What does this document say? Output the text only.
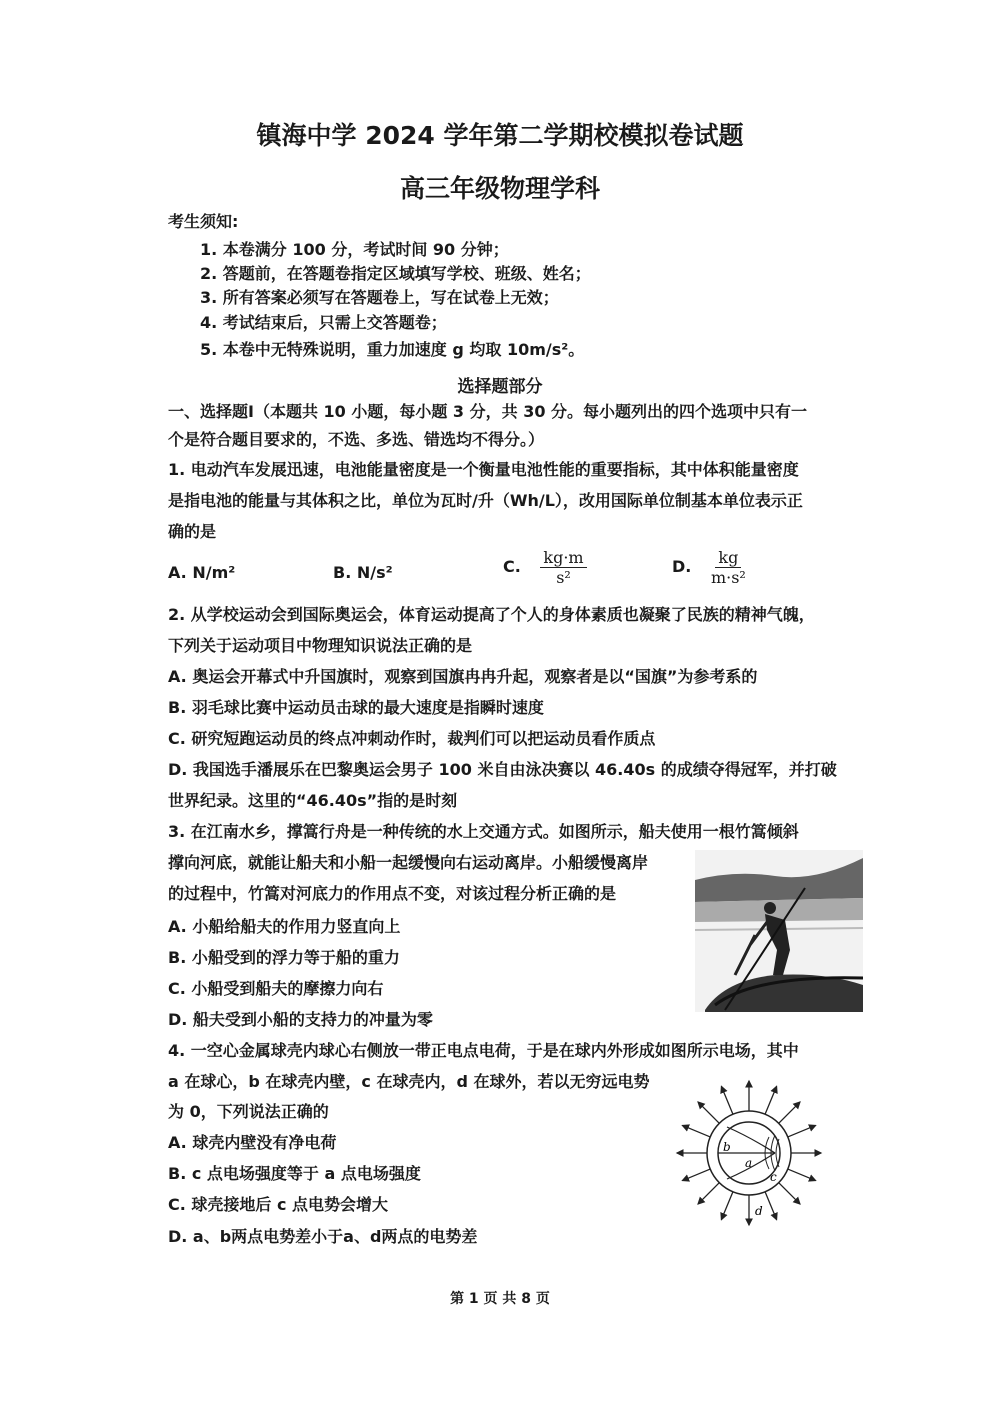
镇海中学 2024 学年第二学期校模拟卷试题
高三年级物理学科
考生须知:
1. 本卷满分 100 分，考试时间 90 分钟；
2. 答题前，在答题卷指定区域填写学校、班级、姓名；
3. 所有答案必须写在答题卷上，写在试卷上无效；
4. 考试结束后，只需上交答题卷；
5. 本卷中无特殊说明，重力加速度 g 均取 10m/s²。
选择题部分
一、选择题Ⅰ（本题共 10 小题，每小题 3 分，共 30 分。每小题列出的四个选项中只有一
个是符合题目要求的，不选、多选、错选均不得分。）
1. 电动汽车发展迅速，电池能量密度是一个衡量电池性能的重要指标，其中体积能量密度
是指电池的能量与其体积之比，单位为瓦时/升（Wh/L），改用国际单位制基本单位表示正
确的是
A. N/m²	B. N/s²	C. $\frac{kg\cdot m}{\text{s²}}$	D. $\frac{kg}{\text{m·s²}}$
2. 从学校运动会到国际奥运会，体育运动提高了个人的身体素质也凝聚了民族的精神气魄，
下列关于运动项目中物理知识说法正确的是
A. 奥运会开幕式中升国旗时，观察到国旗冉冉升起，观察者是以“国旗”为参考系的
B. 羽毛球比赛中运动员击球的最大速度是指瞬时速度
C. 研究短跑运动员的终点冲刺动作时，裁判们可以把运动员看作质点
D. 我国选手潘展乐在巴黎奥运会男子 100 米自由泳决赛以 46.40s 的成绩夺得冠军，并打破
世界纪录。这里的“46.40s”指的是时刻
3. 在江南水乡，撑篙行舟是一种传统的水上交通方式。如图所示，船夫使用一根竹篙倾斜
撑向河底，就能让船夫和小船一起缓慢向右运动离岸。小船缓慢离岸
的过程中，竹篙对河底力的作用点不变，对该过程分析正确的是
A. 小船给船夫的作用力竖直向上
B. 小船受到的浮力等于船的重力
C. 小船受到船夫的摩擦力向右
D. 船夫受到小船的支持力的冲量为零
4. 一空心金属球壳内球心右侧放一带正电点电荷，于是在球内外形成如图所示电场，其中
a 在球心，b 在球壳内壁，c 在球壳内，d 在球外，若以无穷远电势
为 0，下列说法正确的
A. 球壳内壁没有净电荷
B. c 点电场强度等于 a 点电场强度
C. 球壳接地后 c 点电势会增大
D. a、b两点电势差小于a、d两点的电势差
b
a
c
d
第 1 页 共 8 页
